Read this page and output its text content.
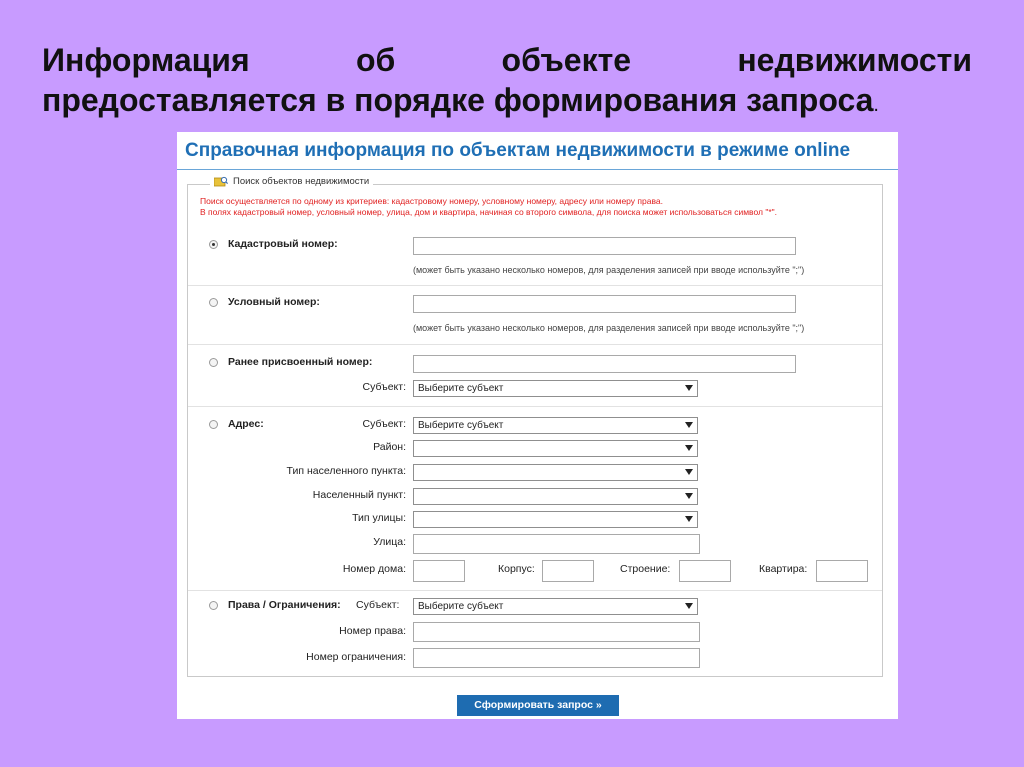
Информация	об	объекте	недвижимости
предоставляется в порядке формирования запроса.
Справочная информация по объектам недвижимости в режиме online
Поиск объектов недвижимости
Поиск осуществляется по одному из критериев: кадастровому номеру, условному номеру, адресу или номеру права.
В полях кадастровый номер, условный номер, улица, дом и квартира, начиная со второго символа, для поиска может использоваться символ "*".
Кадастровый номер:
(может быть указано несколько номеров, для разделения записей при вводе используйте ";")
Условный номер:
(может быть указано несколько номеров, для разделения записей при вводе используйте ";")
Ранее присвоенный номер:
Субъект:	Выберите субъект
Адрес:	Субъект:	Выберите субъект
Район:
Тип населенного пункта:
Населенный пункт:
Тип улицы:
Улица:
Номер дома:	Корпус:	Строение:	Квартира:
Права / Ограничения: Субъект:	Выберите субъект
Номер права:
Номер ограничения:
Сформировать запрос »
